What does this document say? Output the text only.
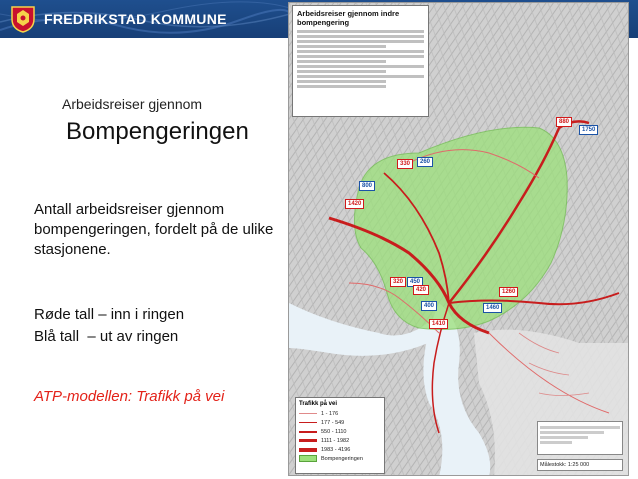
FREDRIKSTAD KOMMUNE
Arbeidsreiser gjennom
Bompengeringen
Antall arbeidsreiser gjennom bompengeringen, fordelt på de ulike stasjonene.
Røde tall – inn i ringen
Blå tall  – ut av ringen
ATP-modellen: Trafikk på vei
Arbeidsreiser gjennom indre bompengering
880
1750
330	260
800
1420
320	450
420	1260
400	1460
1410
Trafikk på vei
1 - 176
177 - 549
550 - 1110
1111 - 1982
1983 - 4196
Bompengeringen
Målestokk: 1:25 000
